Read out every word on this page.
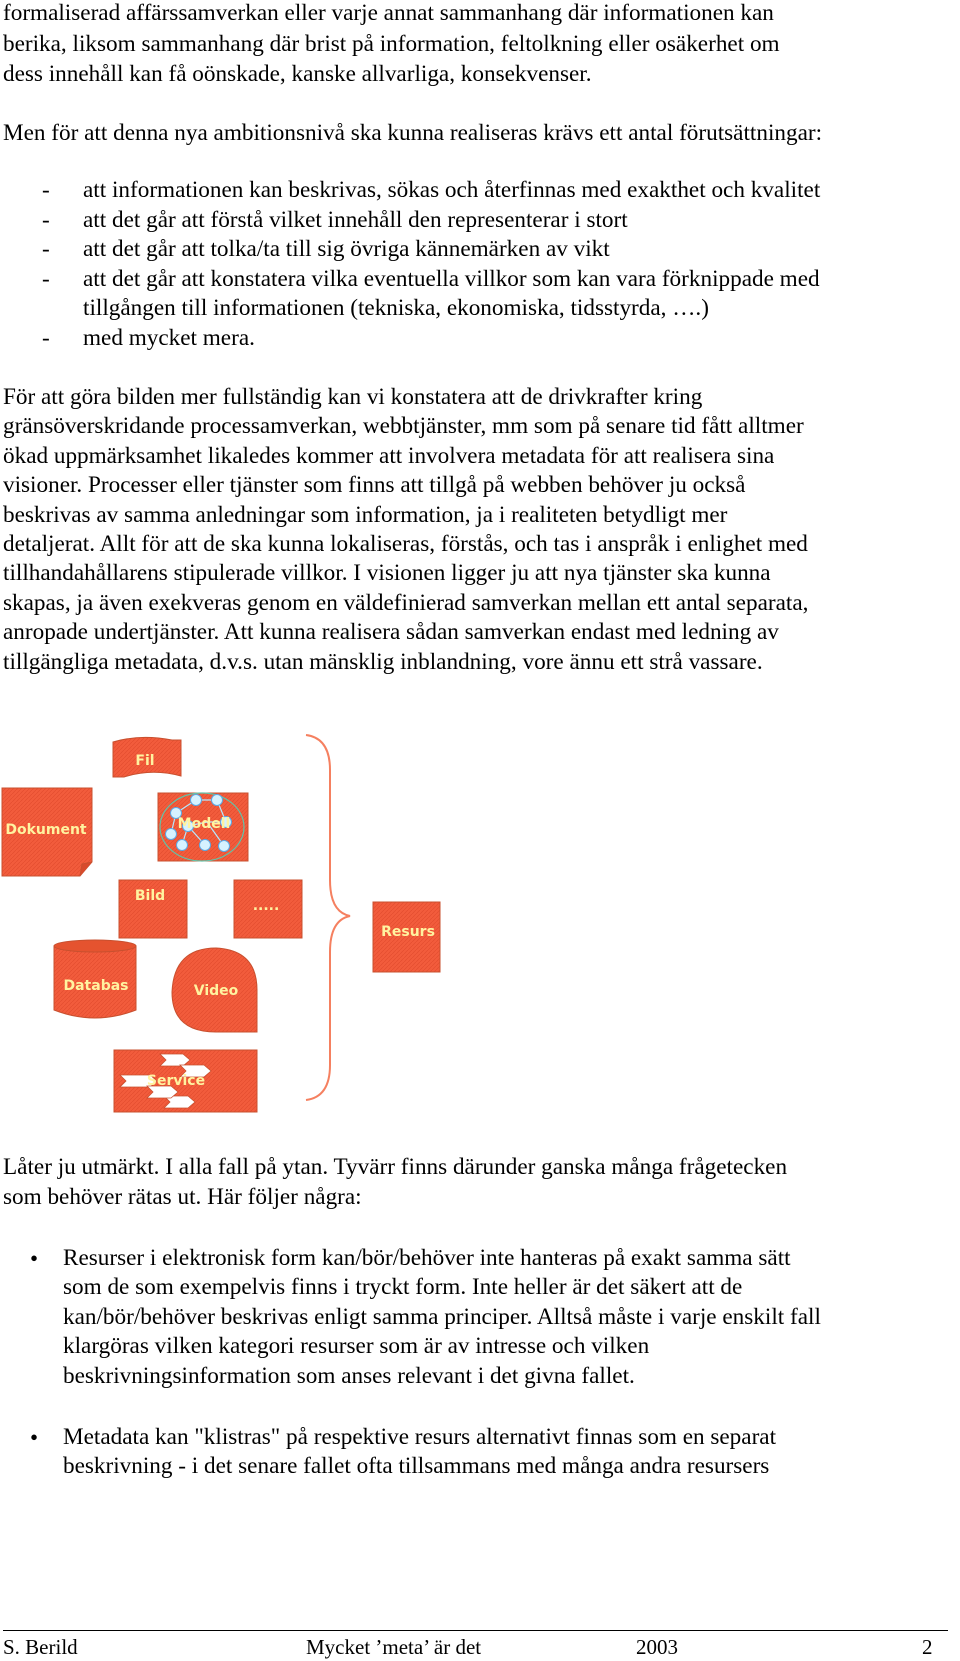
formaliserad affärssamverkan eller varje annat sammanhang där informationen kan
berika, liksom sammanhang där brist på information, feltolkning eller osäkerhet om
dess innehåll kan få oönskade, kanske allvarliga, konsekvenser.
Men för att denna nya ambitionsnivå ska kunna realiseras krävs ett antal förutsättningar:
- att informationen kan beskrivas, sökas och återfinnas med exakthet och kvalitet
- att det går att förstå vilket innehåll den representerar i stort
- att det går att tolka/ta till sig övriga kännemärken av vikt
- att det går att konstatera vilka eventuella villkor som kan vara förknippade med
tillgången till informationen (tekniska, ekonomiska, tidsstyrda, ….)
- med mycket mera.
För att göra bilden mer fullständig kan vi konstatera att de drivkrafter kring
gränsöverskridande processamverkan, webbtjänster, mm som på senare tid fått alltmer
ökad uppmärksamhet likaledes kommer att involvera metadata för att realisera sina
visioner. Processer eller tjänster som finns att tillgå på webben behöver ju också
beskrivas av samma anledningar som information, ja i realiteten betydligt mer
detaljerat. Allt för att de ska kunna lokaliseras, förstås, och tas i anspråk i enlighet med
tillhandahållarens stipulerade villkor. I visionen ligger ju att nya tjänster ska kunna
skapas, ja även exekveras genom en väldefinierad samverkan mellan ett antal separata,
anropade undertjänster. Att kunna realisera sådan samverkan endast med ledning av
tillgängliga metadata, d.v.s. utan mänsklig inblandning, vore ännu ett strå vassare.
Fil
Dokument	Modell
Bild
.....
Databas	Video
Service
Resurs
Låter ju utmärkt. I alla fall på ytan. Tyvärr finns därunder ganska många frågetecken
som behöver rätas ut. Här följer några:
• Resurser i elektronisk form kan/bör/behöver inte hanteras på exakt samma sätt
som de som exempelvis finns i tryckt form. Inte heller är det säkert att de
kan/bör/behöver beskrivas enligt samma principer. Alltså måste i varje enskilt fall
klargöras vilken kategori resurser som är av intresse och vilken
beskrivningsinformation som anses relevant i det givna fallet.
• Metadata kan "klistras" på respektive resurs alternativt finnas som en separat
beskrivning - i det senare fallet ofta tillsammans med många andra resursers
S. Berild	Mycket ’meta’ är det	2003	2
